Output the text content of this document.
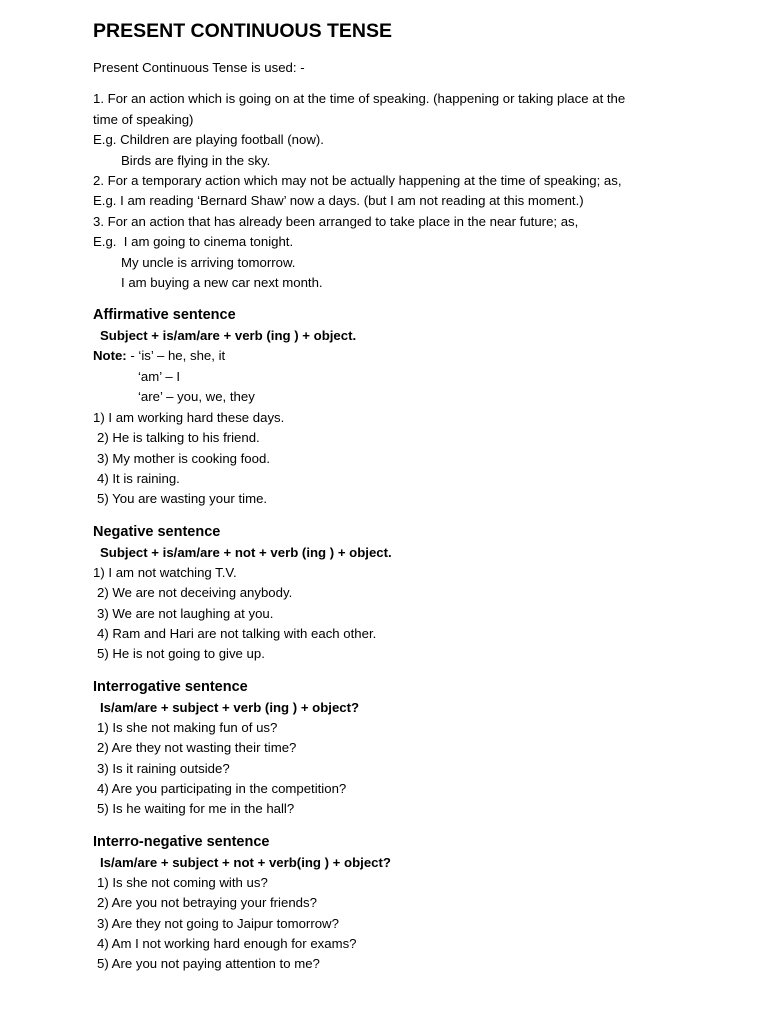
PRESENT CONTINUOUS TENSE

Present Continuous Tense is used: -

1. For an action which is going on at the time of speaking. (happening or taking place at the

time of speaking)

E.g. Children are playing football (now).

Birds are flying in the sky.

2. For a temporary action which may not be actually happening at the time of speaking; as,

E.g. I am reading ‘Bernard Shaw’ now a days. (but I am not reading at this moment.)

3. For an action that has already been arranged to take place in the near future; as,

E.g.  I am going to cinema tonight.

My uncle is arriving tomorrow.

I am buying a new car next month.

Affirmative sentence

Subject + is/am/are + verb (ing ) + object.

Note: - ‘is’ – he, she, it

‘am’ – I

‘are’ – you, we, they

1) I am working hard these days.

2) He is talking to his friend.

3) My mother is cooking food.

4) It is raining.

5) You are wasting your time.

Negative sentence

Subject + is/am/are + not + verb (ing ) + object.

1) I am not watching T.V.

2) We are not deceiving anybody.

3) We are not laughing at you.

4) Ram and Hari are not talking with each other.

5) He is not going to give up.

Interrogative sentence

Is/am/are + subject + verb (ing ) + object?

1) Is she not making fun of us?

2) Are they not wasting their time?

3) Is it raining outside?

4) Are you participating in the competition?

5) Is he waiting for me in the hall?

Interro-negative sentence

Is/am/are + subject + not + verb(ing ) + object?

1) Is she not coming with us?

2) Are you not betraying your friends?

3) Are they not going to Jaipur tomorrow?

4) Am I not working hard enough for exams?

5) Are you not paying attention to me?
